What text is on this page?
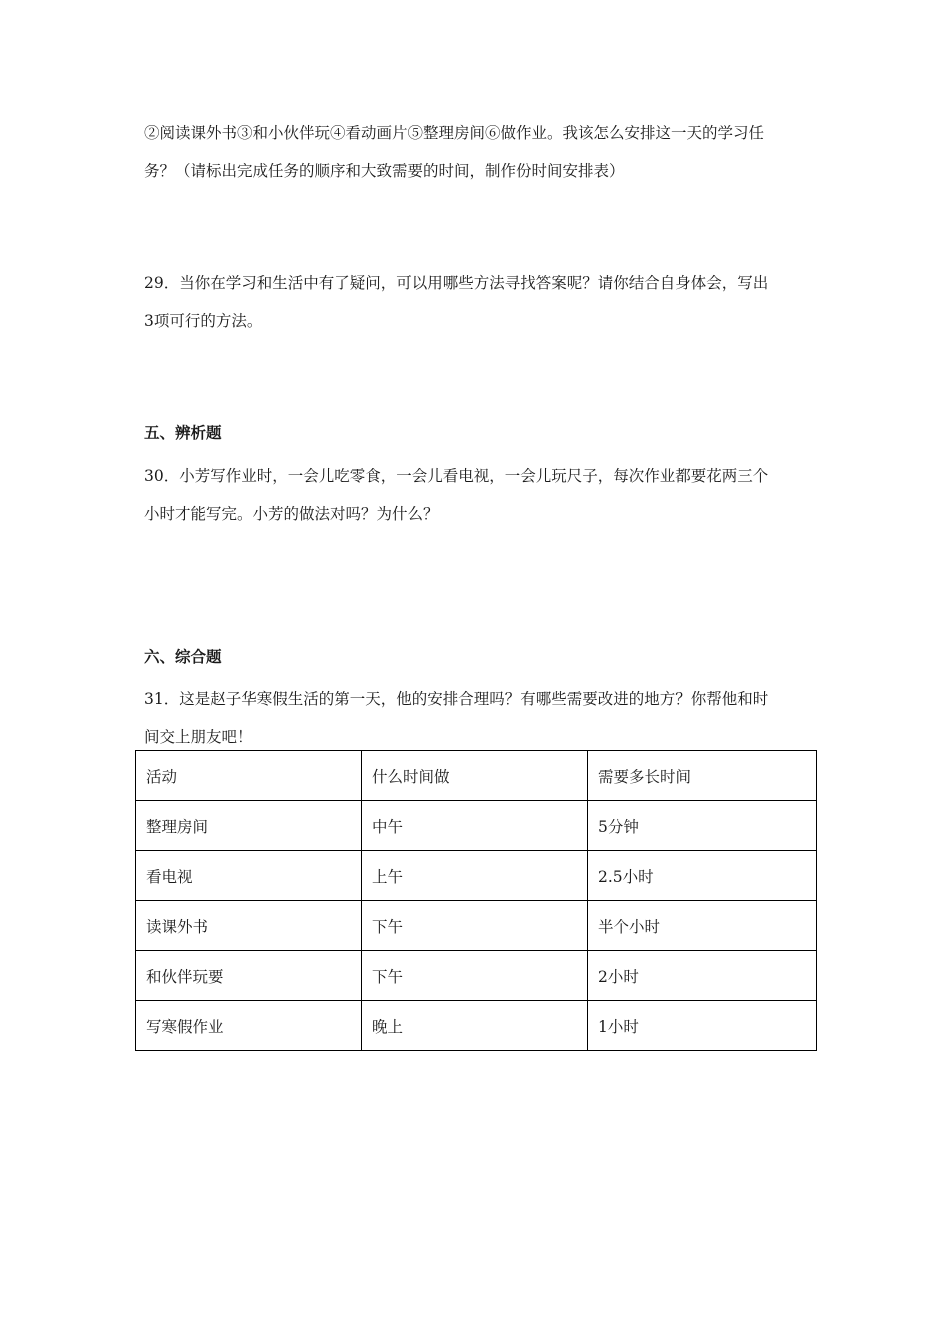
②阅读课外书③和小伙伴玩④看动画片⑤整理房间⑥做作业。我该怎么安排这一天的学习任
务？（请标出完成任务的顺序和大致需要的时间，制作份时间安排表）
29．当你在学习和生活中有了疑问，可以用哪些方法寻找答案呢？请你结合自身体会，写出
3项可行的方法。
五、辨析题
30．小芳写作业时，一会儿吃零食，一会儿看电视，一会儿玩尺子，每次作业都要花两三个
小时才能写完。小芳的做法对吗？为什么？
六、综合题
31．这是赵子华寒假生活的第一天，他的安排合理吗？有哪些需要改进的地方？你帮他和时
间交上朋友吧！
活动	什么时间做	需要多长时间
整理房间	中午	5分钟
看电视	上午	2.5小时
读课外书	下午	半个小时
和伙伴玩要	下午	2小时
写寒假作业	晚上	1小时
